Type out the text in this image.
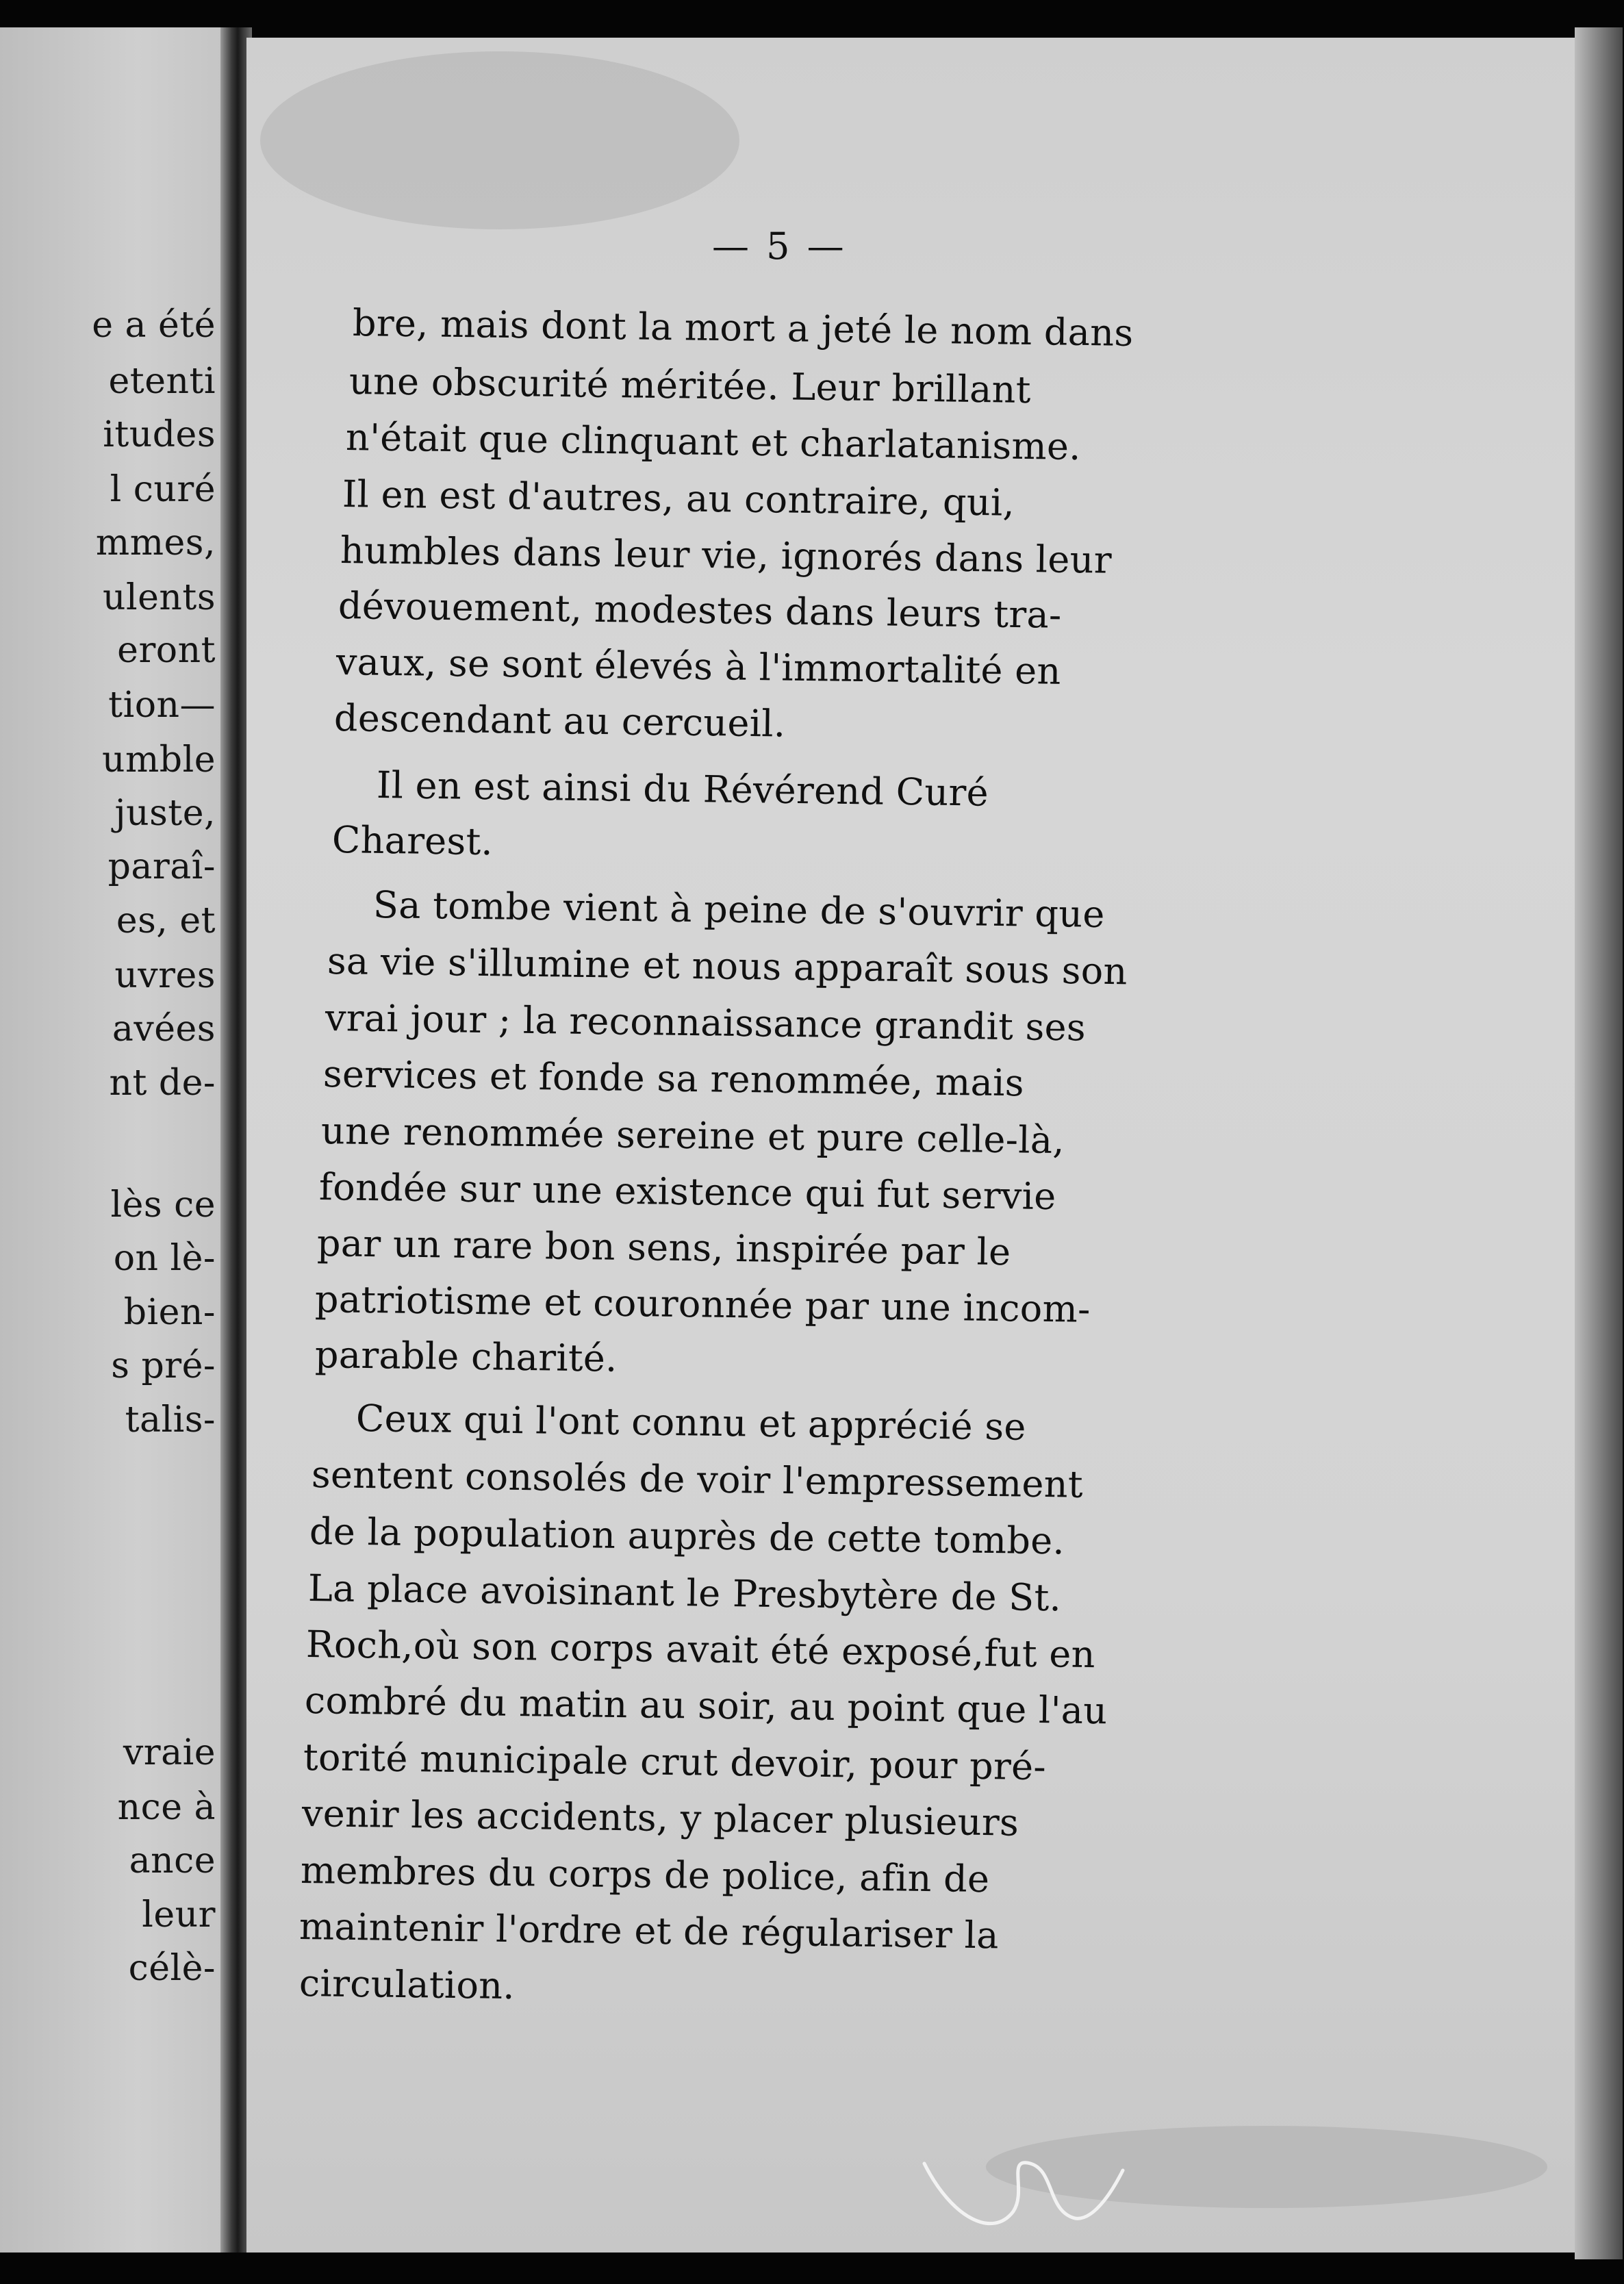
e a été
etenti
itudes
l curé
mmes,
ulents
eront
tion—
umble
juste,
paraî-
es, et
uvres
avées
nt de-
lès ce
on lè-
bien-
s pré-
talis-
vraie
nce à
ance
leur
célè-
— 5 —
bre, mais dont la mort a jeté le nom dans
une obscurité méritée. Leur brillant
n'était que clinquant et charlatanisme.
Il en est d'autres, au contraire, qui,
humbles dans leur vie, ignorés dans leur
dévouement, modestes dans leurs tra-
vaux, se sont élevés à l'immortalité en
descendant au cercueil.
Il en est ainsi du Révérend Curé
Charest.
Sa tombe vient à peine de s'ouvrir que
sa vie s'illumine et nous apparaît sous son
vrai jour ; la reconnaissance grandit ses
services et fonde sa renommée, mais
une renommée sereine et pure celle-là,
fondée sur une existence qui fut servie
par un rare bon sens, inspirée par le
patriotisme et couronnée par une incom-
parable charité.
Ceux qui l'ont connu et apprécié se
sentent consolés de voir l'empressement
de la population auprès de cette tombe.
La place avoisinant le Presbytère de St.
Roch,où son corps avait été exposé,fut en
combré du matin au soir, au point que l'au
torité municipale crut devoir, pour pré-
venir les accidents, y placer plusieurs
membres du corps de police, afin de
maintenir l'ordre et de régulariser la
circulation.
